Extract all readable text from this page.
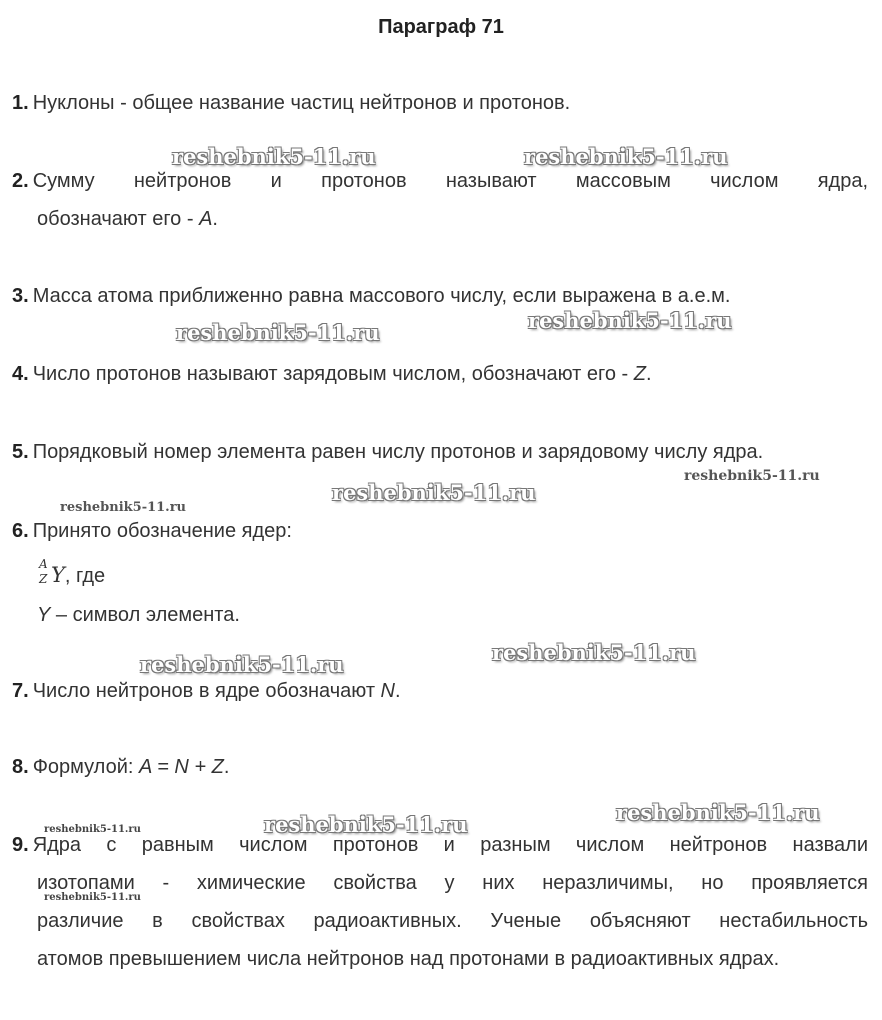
Параграф 71
1. Нуклоны - общее название частиц нейтронов и протонов.
2. Сумму нейтронов и протонов называют массовым числом ядра,
обозначают его - A.
3. Масса атома приближенно равна массового числу, если выражена в а.е.м.
4. Число протонов называют зарядовым числом, обозначают его - Z.
5. Порядковый номер элемента равен числу протонов и зарядовому числу ядра.
6. Принято обозначение ядер:
A
Z Y, где
Y – символ элемента.
7. Число нейтронов в ядре обозначают N.
8. Формулой: A = N + Z.
9. Ядра с равным числом протонов и разным числом нейтронов назвали
изотопами - химические свойства у них неразличимы, но проявляется
различие в свойствах радиоактивных. Ученые объясняют нестабильность
атомов превышением числа нейтронов над протонами в радиоактивных ядрах.
reshebnik5-11.ru	reshebnik5-11.ru
reshebnik5-11.ru	reshebnik5-11.ru
reshebnik5-11.ru
reshebnik5-11.ru
reshebnik5-11.ru
reshebnik5-11.ru	reshebnik5-11.ru
reshebnik5-11.ru
reshebnik5-11.ru
reshebnik5-11.ru
reshebnik5-11.ru
